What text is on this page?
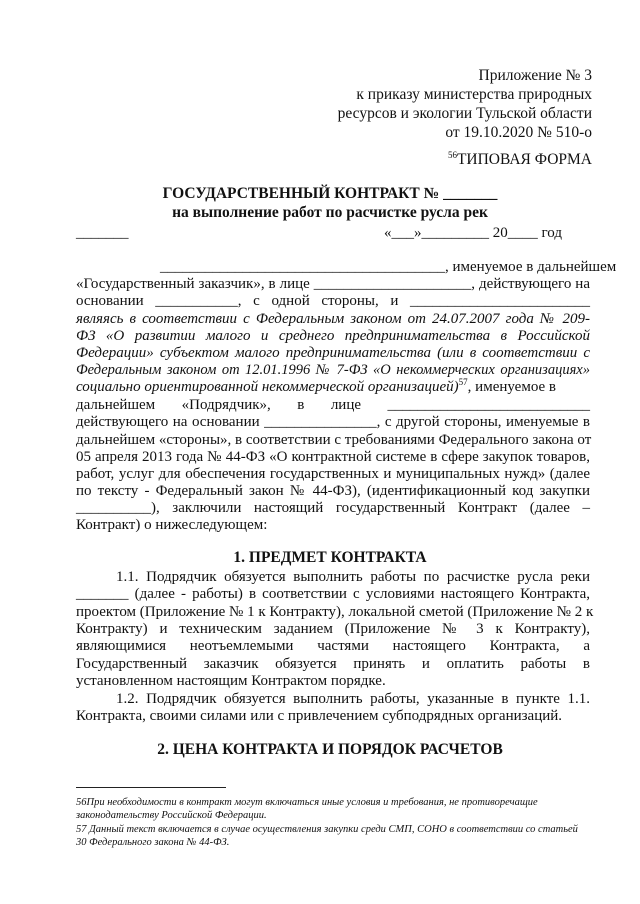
Приложение № 3
к приказу министерства природных
ресурсов и экологии Тульской области
от 19.10.2020 № 510-о
$^{56}$ТИПОВАЯ ФОРМА
ГОСУДАРСТВЕННЫЙ КОНТРАКТ № _______
на выполнение работ по расчистке русла рек
_______	«___»_________ 20____ год
______________________________________, именуемое в дальнейшем
«Государственный заказчик», в лице _____________________, действующего на
основании ___________, с одной стороны, и ________________________
являясь в соответствии с Федеральным законом от 24.07.2007 года № 209-
ФЗ «О развитии малого и среднего предпринимательства в Российской
Федерации» субъектом малого предпринимательства (или в соответствии с
Федеральным законом от 12.01.1996 № 7-ФЗ «О некоммерческих организациях»
социально ориентированной некоммерческой организацией)$^{57}$, именуемое в
дальнейшем «Подрядчик», в лице ___________________________
действующего на основании _______________, с другой стороны, именуемые в
дальнейшем «стороны», в соответствии с требованиями Федерального закона от
05 апреля 2013 года № 44-ФЗ «О контрактной системе в сфере закупок товаров,
работ, услуг для обеспечения государственных и муниципальных нужд» (далее
по тексту - Федеральный закон № 44-ФЗ), (идентификационный код закупки
__________), заключили настоящий государственный Контракт (далее –
Контракт) о нижеследующем:
1. ПРЕДМЕТ КОНТРАКТА
1.1. Подрядчик обязуется выполнить работы по расчистке русла реки
_______ (далее - работы) в соответствии с условиями настоящего Контракта,
проектом (Приложение № 1 к Контракту), локальной сметой (Приложение № 2 к
Контракту) и техническим заданием (Приложение № 3 к Контракту),
являющимися неотъемлемыми частями настоящего Контракта, а
Государственный заказчик обязуется принять и оплатить работы в
установленном настоящим Контрактом порядке.
1.2. Подрядчик обязуется выполнить работы, указанные в пункте 1.1.
Контракта, своими силами или с привлечением субподрядных организаций.
2. ЦЕНА КОНТРАКТА И ПОРЯДОК РАСЧЕТОВ
56При необходимости в контракт могут включаться иные условия и требования, не противоречащие
законодательству Российской Федерации.
57 Данный текст включается в случае осуществления закупки среди СМП, СОНО в соответствии со статьей
30 Федерального закона № 44-ФЗ.
